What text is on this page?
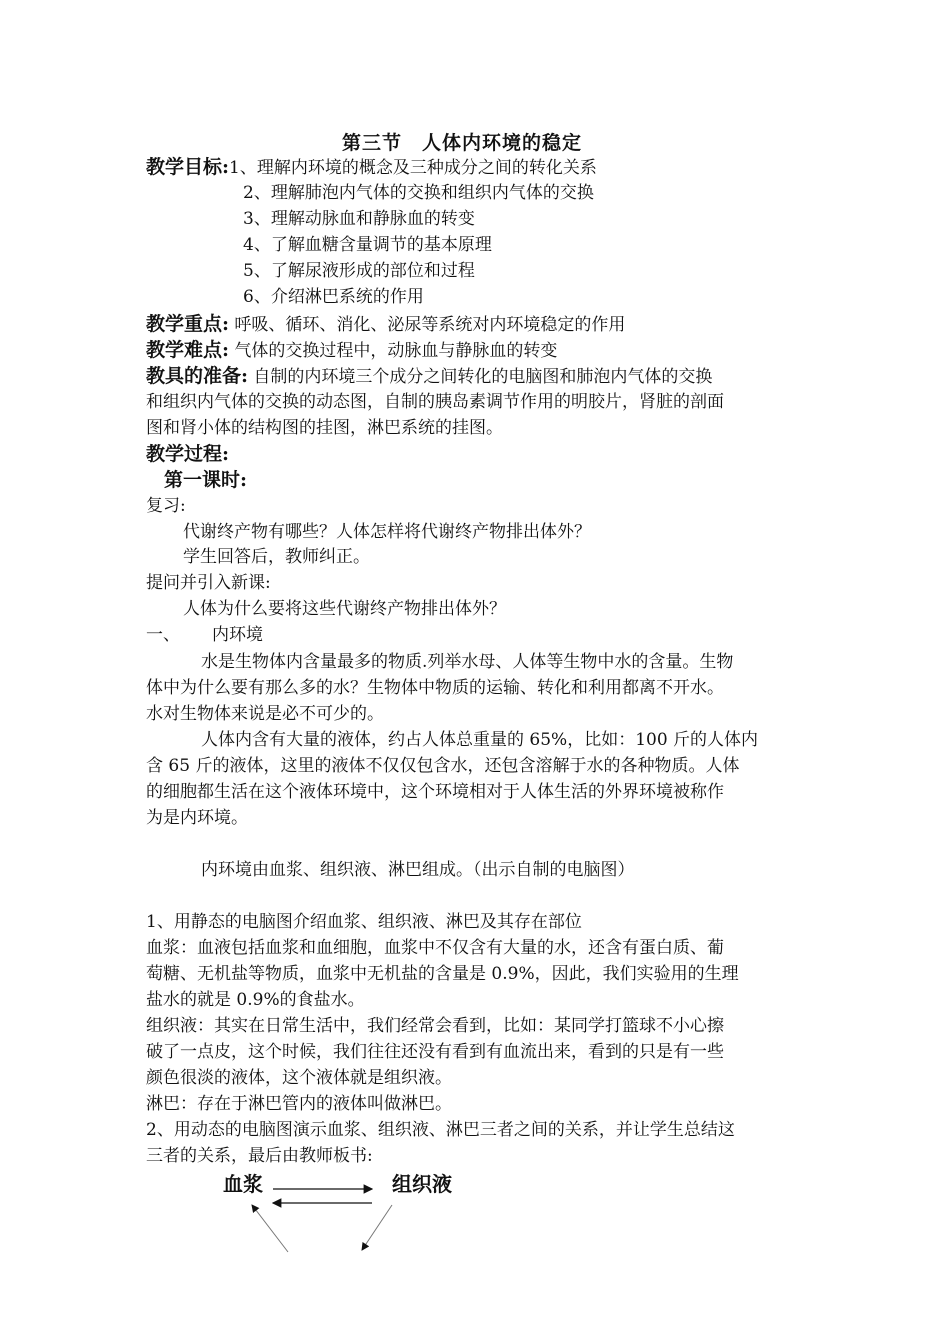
第三节　人体内环境的稳定
教学目标:1、理解内环境的概念及三种成分之间的转化关系
2、理解肺泡内气体的交换和组织内气体的交换
3、理解动脉血和静脉血的转变
4、了解血糖含量调节的基本原理
5、了解尿液形成的部位和过程
6、介绍淋巴系统的作用
教学重点: 呼吸、循环、消化、泌尿等系统对内环境稳定的作用
教学难点: 气体的交换过程中，动脉血与静脉血的转变
教具的准备: 自制的内环境三个成分之间转化的电脑图和肺泡内气体的交换
和组织内气体的交换的动态图，自制的胰岛素调节作用的明胶片，肾脏的剖面
图和肾小体的结构图的挂图，淋巴系统的挂图。
教学过程:
第一课时:
复习:
代谢终产物有哪些？人体怎样将代谢终产物排出体外？
学生回答后，教师纠正。
提问并引入新课:
人体为什么要将这些代谢终产物排出体外？
一、 内环境
水是生物体内含量最多的物质.列举水母、人体等生物中水的含量。生物
体中为什么要有那么多的水？生物体中物质的运输、转化和利用都离不开水。
水对生物体来说是必不可少的。
人体内含有大量的液体，约占人体总重量的 65%，比如：100 斤的人体内
含 65 斤的液体，这里的液体不仅仅包含水，还包含溶解于水的各种物质。人体
的细胞都生活在这个液体环境中，这个环境相对于人体生活的外界环境被称作
为是内环境。
内环境由血浆、组织液、淋巴组成。（出示自制的电脑图）
1、用静态的电脑图介绍血浆、组织液、淋巴及其存在部位
血浆：血液包括血浆和血细胞，血浆中不仅含有大量的水，还含有蛋白质、葡
萄糖、无机盐等物质，血浆中无机盐的含量是 0.9%，因此，我们实验用的生理
盐水的就是 0.9%的食盐水。
组织液：其实在日常生活中，我们经常会看到，比如：某同学打篮球不小心擦
破了一点皮，这个时候，我们往往还没有看到有血流出来，看到的只是有一些
颜色很淡的液体，这个液体就是组织液。
淋巴：存在于淋巴管内的液体叫做淋巴。
2、用动态的电脑图演示血浆、组织液、淋巴三者之间的关系，并让学生总结这
三者的关系，最后由教师板书:
血浆	组织液
